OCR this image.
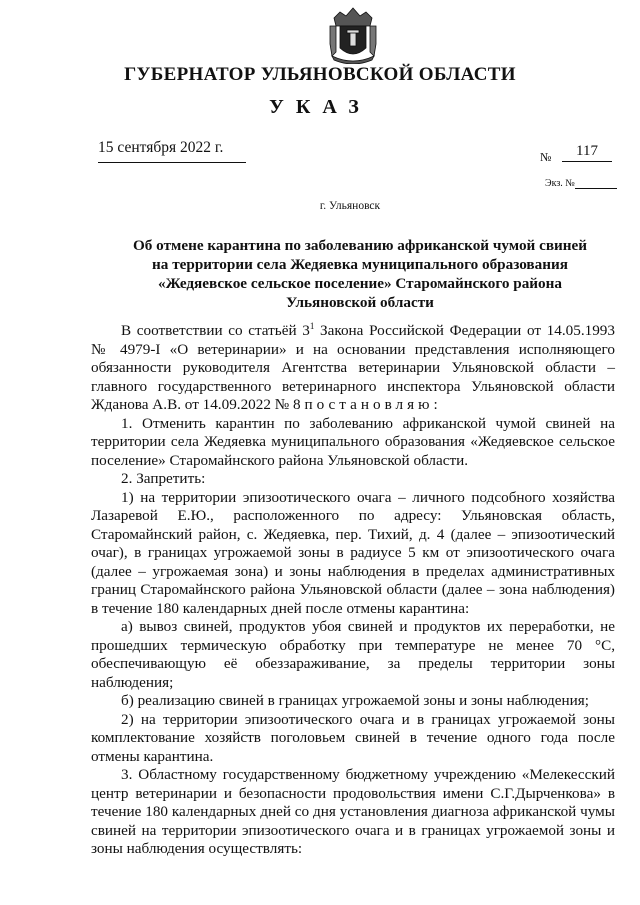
ГУБЕРНАТОР УЛЬЯНОВСКОЙ ОБЛАСТИ
УКАЗ
15 сентября 2022 г.
№	117
Экз. №
г. Ульяновск
Об отмене карантина по заболеванию африканской чумой свиней
на территории села Жедяевка муниципального образования
«Жедяевское сельское поселение» Старомайнского района
Ульяновской области

В соответствии со статьёй $3^1$ Закона Российской Федерации от 14.05.1993 № 4979-I «О ветеринарии» и на основании представления исполняющего обязанности руководителя Агентства ветеринарии Ульяновской области – главного государственного ветеринарного инспектора Ульяновской области Жданова А.В. от 14.09.2022 № 8 постановляю:

1. Отменить карантин по заболеванию африканской чумой свиней на территории села Жедяевка муниципального образования «Жедяевское сельское поселение» Старомайнского района Ульяновской области.

2. Запретить:

1) на территории эпизоотического очага – личного подсобного хозяйства Лазаревой Е.Ю., расположенного по адресу: Ульяновская область, Старомайнский район, с. Жедяевка, пер. Тихий, д. 4 (далее – эпизоотический очаг), в границах угрожаемой зоны в радиусе 5 км от эпизоотического очага (далее – угрожаемая зона) и зоны наблюдения в пределах административных границ Старомайнского района Ульяновской области (далее – зона наблюдения) в течение 180 календарных дней после отмены карантина:

а) вывоз свиней, продуктов убоя свиней и продуктов их переработки, не прошедших термическую обработку при температуре не менее 70 °С, обеспечивающую её обеззараживание, за пределы территории зоны наблюдения;

б) реализацию свиней в границах угрожаемой зоны и зоны наблюдения;

2) на территории эпизоотического очага и в границах угрожаемой зоны комплектование хозяйств поголовьем свиней в течение одного года после отмены карантина.

3. Областному государственному бюджетному учреждению «Мелекесский центр ветеринарии и безопасности продовольствия имени С.Г.Дырченкова» в течение 180 календарных дней со дня установления диагноза африканской чумы свиней на территории эпизоотического очага и в границах угрожаемой зоны и зоны наблюдения осуществлять:
